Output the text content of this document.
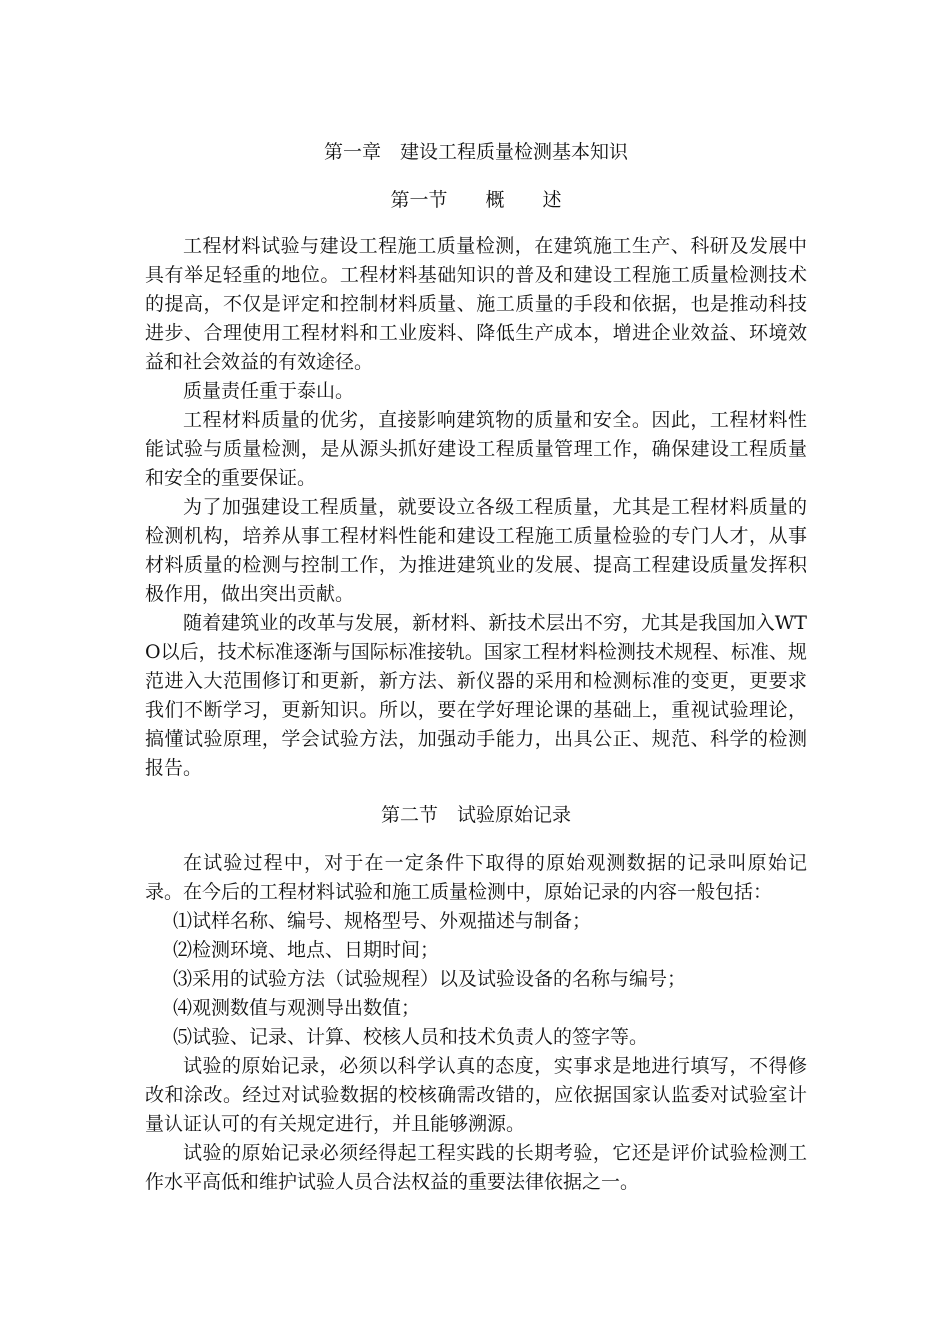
第一章　建设工程质量检测基本知识
第一节　　概　　述

工程材料试验与建设工程施工质量检测，在建筑施工生产、科研及发展中具有举足轻重的地位。工程材料基础知识的普及和建设工程施工质量检测技术的提高，不仅是评定和控制材料质量、施工质量的手段和依据，也是推动科技进步、合理使用工程材料和工业废料、降低生产成本，增进企业效益、环境效益和社会效益的有效途径。

质量责任重于泰山。

工程材料质量的优劣，直接影响建筑物的质量和安全。因此，工程材料性能试验与质量检测，是从源头抓好建设工程质量管理工作，确保建设工程质量和安全的重要保证。

为了加强建设工程质量，就要设立各级工程质量，尤其是工程材料质量的检测机构，培养从事工程材料性能和建设工程施工质量检验的专门人才，从事材料质量的检测与控制工作，为推进建筑业的发展、提高工程建设质量发挥积极作用，做出突出贡献。

随着建筑业的改革与发展，新材料、新技术层出不穷，尤其是我国加入WTO以后，技术标准逐渐与国际标准接轨。国家工程材料检测技术规程、标准、规范进入大范围修订和更新，新方法、新仪器的采用和检测标准的变更，更要求我们不断学习，更新知识。所以，要在学好理论课的基础上，重视试验理论，搞懂试验原理，学会试验方法，加强动手能力，出具公正、规范、科学的检测报告。

第二节　试验原始记录

在试验过程中，对于在一定条件下取得的原始观测数据的记录叫原始记录。在今后的工程材料试验和施工质量检测中，原始记录的内容一般包括：

⑴试样名称、编号、规格型号、外观描述与制备；

⑵检测环境、地点、日期时间；

⑶采用的试验方法（试验规程）以及试验设备的名称与编号；

⑷观测数值与观测导出数值；

⑸试验、记录、计算、校核人员和技术负责人的签字等。

试验的原始记录，必须以科学认真的态度，实事求是地进行填写，不得修改和涂改。经过对试验数据的校核确需改错的，应依据国家认监委对试验室计量认证认可的有关规定进行，并且能够溯源。

试验的原始记录必须经得起工程实践的长期考验，它还是评价试验检测工作水平高低和维护试验人员合法权益的重要法律依据之一。
